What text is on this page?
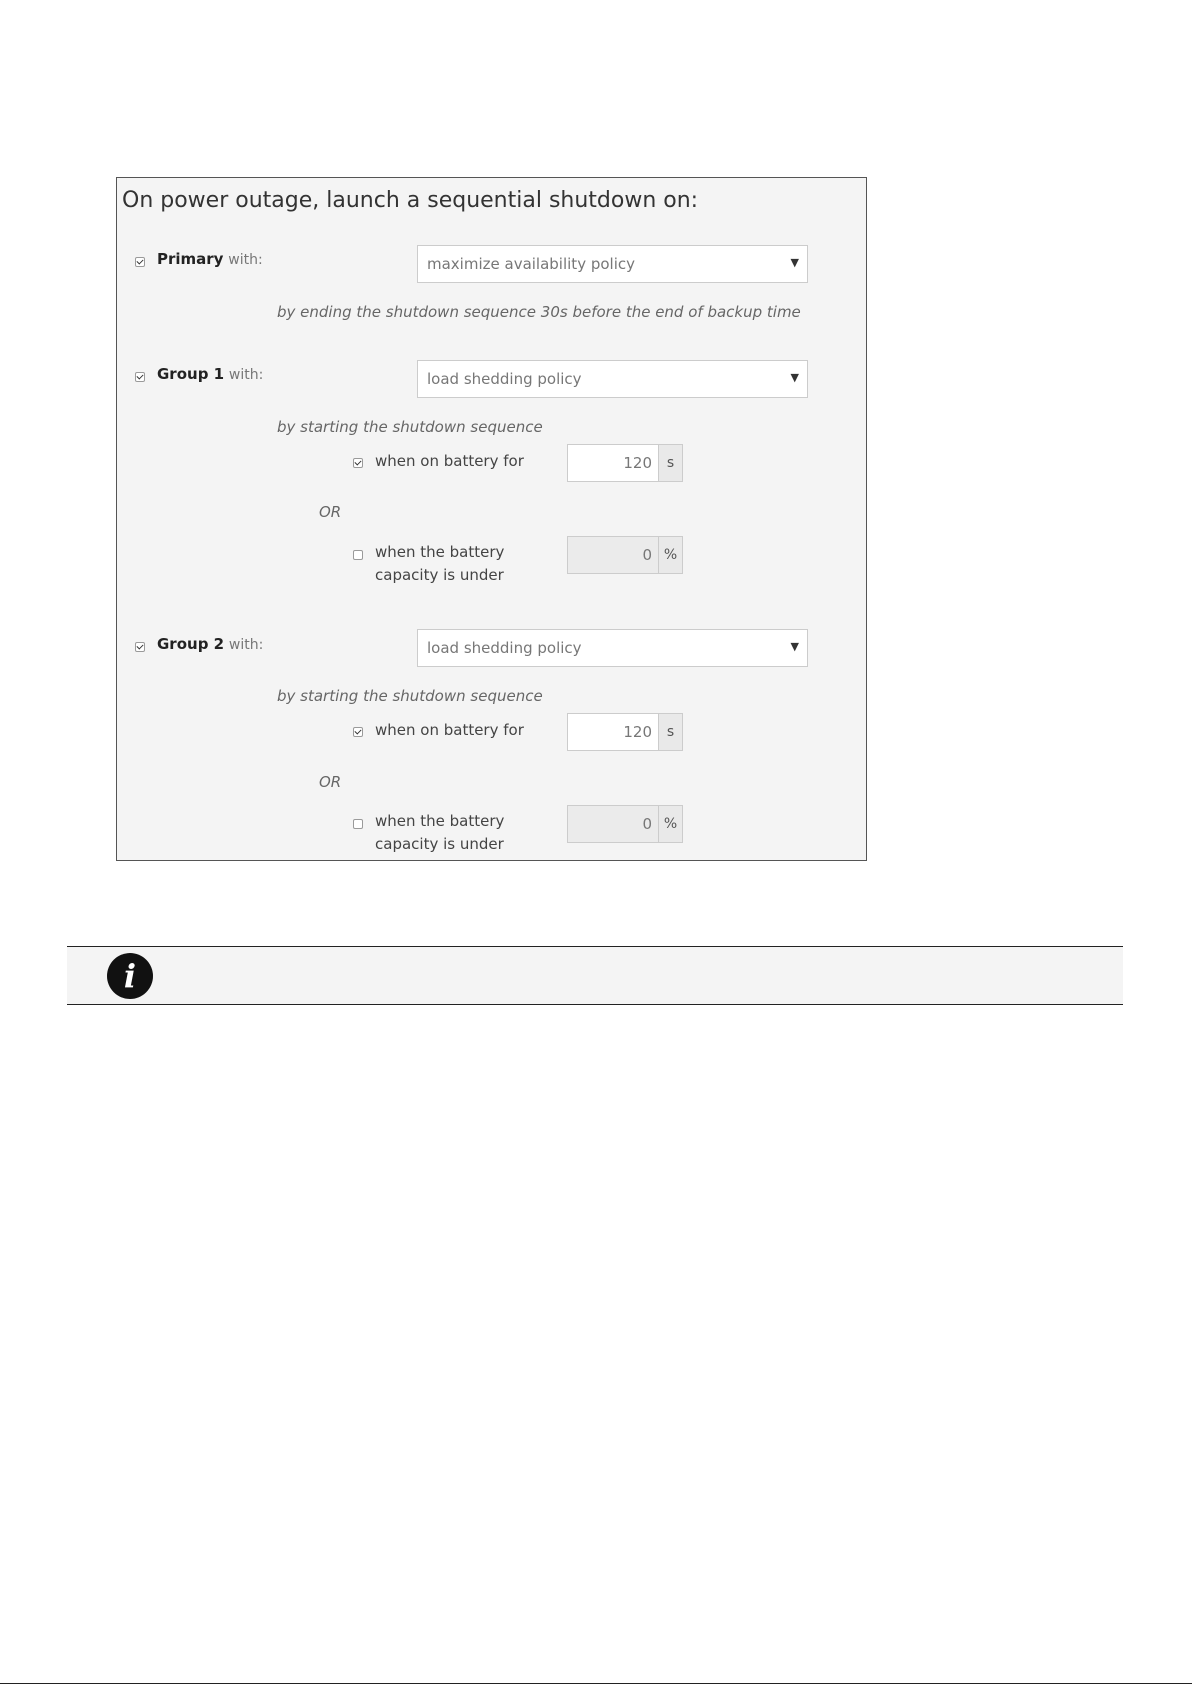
On power outage, launch a sequential shutdown on:
Primary with:	maximize availability policy	▼
by ending the shutdown sequence 30s before the end of backup time
Group 1 with:	load shedding policy	▼
by starting the shutdown sequence
when on battery for	120	s
OR
when the battery
capacity is under
0 %
Group 2 with:	load shedding policy	▼
by starting the shutdown sequence
when on battery for	120	s
OR
when the battery
capacity is under
0 %
i
